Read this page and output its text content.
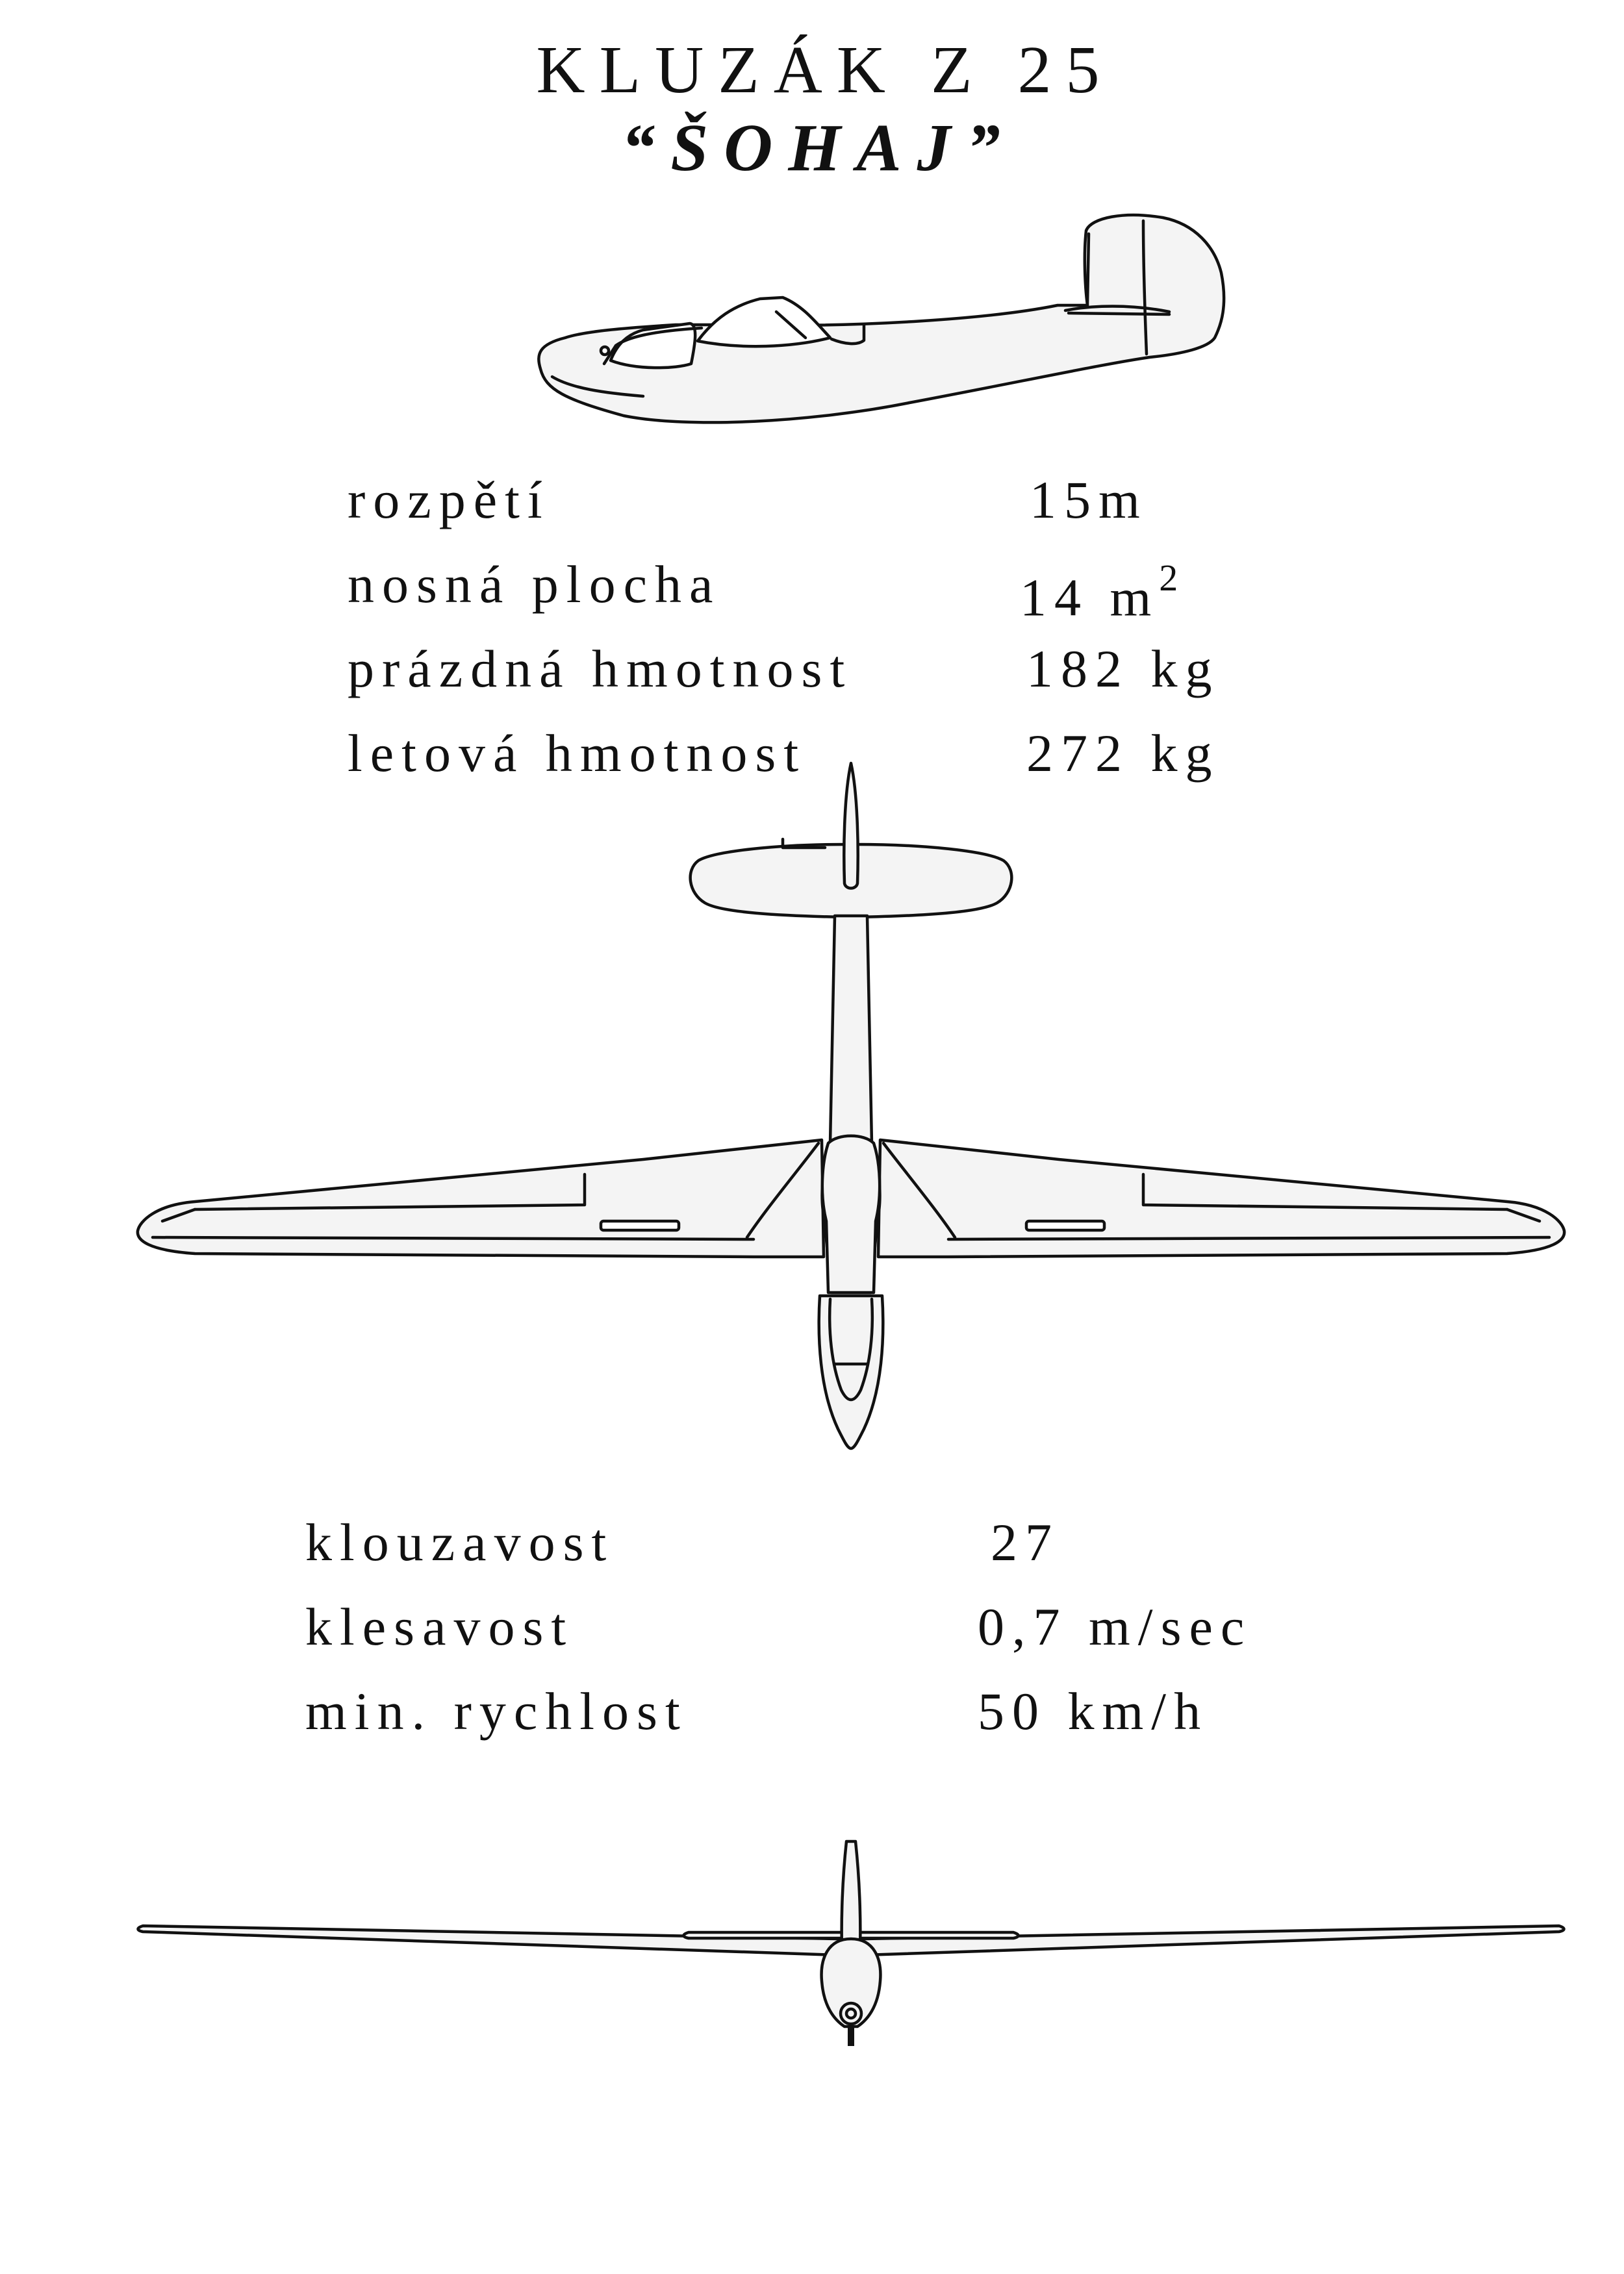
KLUZÁK Z 25
“ŠOHAJ”
rozpětí	15m
nosná plocha	14 $m^2$
prázdná hmotnost	182 kg
letová hmotnost	272 kg
klouzavost	27
klesavost	0,7 m/sec
min. rychlost	50 km/h
